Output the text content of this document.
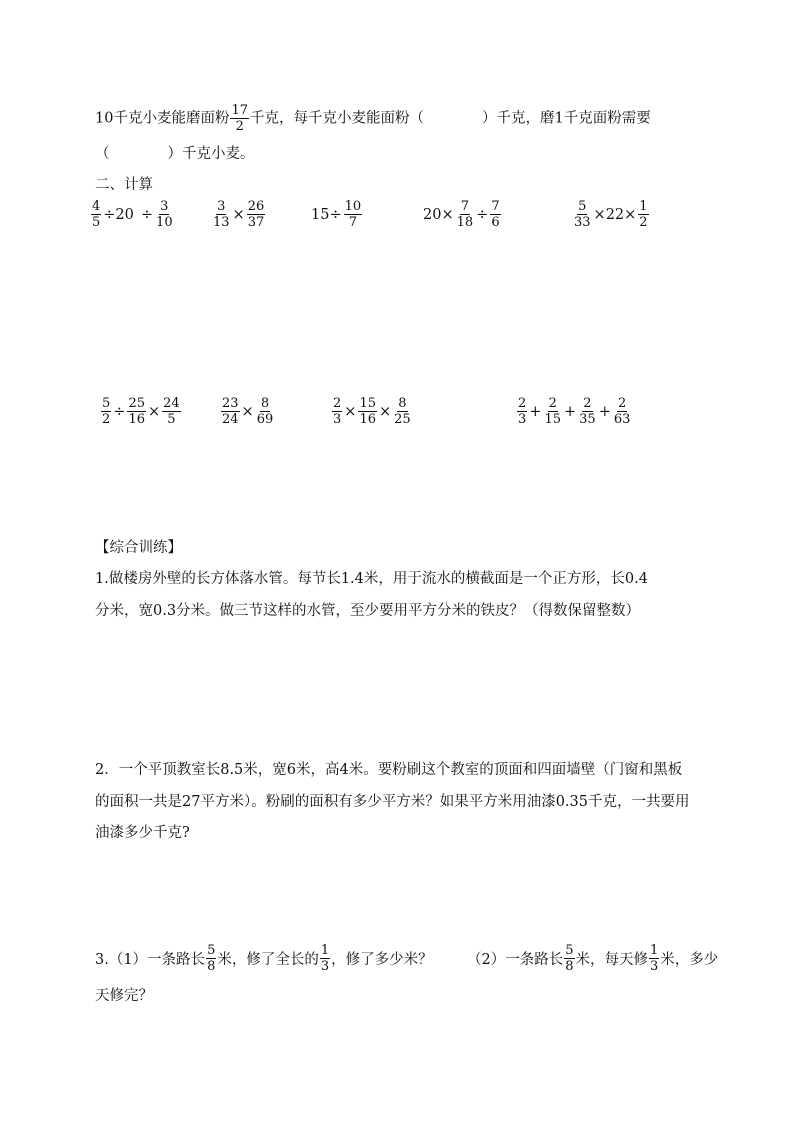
10千克小麦能磨面粉 $\frac{17}{2}$ 千克，每千克小麦能面粉（	）千克，磨1千克面粉需要
（	）千克小麦。
二、计算
$\frac{4}{5} \div 20 \div \frac{3}{10}$	$\frac{3}{13} \times \frac{26}{37}$	$15\div \frac{10}{7}$	$20\times \frac{7}{18} \div \frac{7}{6}$	$\frac{5}{33} \times 22\times \frac{1}{2}$
$\frac{5}{2} \div \frac{25}{16} \times \frac{24}{5}$	$\frac{23}{24} \times \frac{8}{69}$	$\frac{2}{3} \times \frac{15}{16} \times \frac{8}{25}$	$\frac{2}{3} + \frac{2}{15} + \frac{2}{35} + \frac{2}{63}$
【综合训练】
1.做楼房外壁的长方体落水管。每节长1.4米，用于流水的横截面是一个正方形，长0.4
分米，宽0.3分米。做三节这样的水管，至少要用平方分米的铁皮？（得数保留整数）
2．一个平顶教室长8.5米，宽6米，高4米。要粉刷这个教室的顶面和四面墙壁（门窗和黑板
的面积一共是27平方米）。粉刷的面积有多少平方米？如果平方米用油漆0.35千克，一共要用
油漆多少千克?
3.（1）一条路长 $\frac{5}{8}$ 米，修了全长的 $\frac{1}{3}$ ，修了多少米？ （2）一条路长 $\frac{5}{8}$ 米，每天修 $\frac{1}{3}$ 米，多少
天修完？
